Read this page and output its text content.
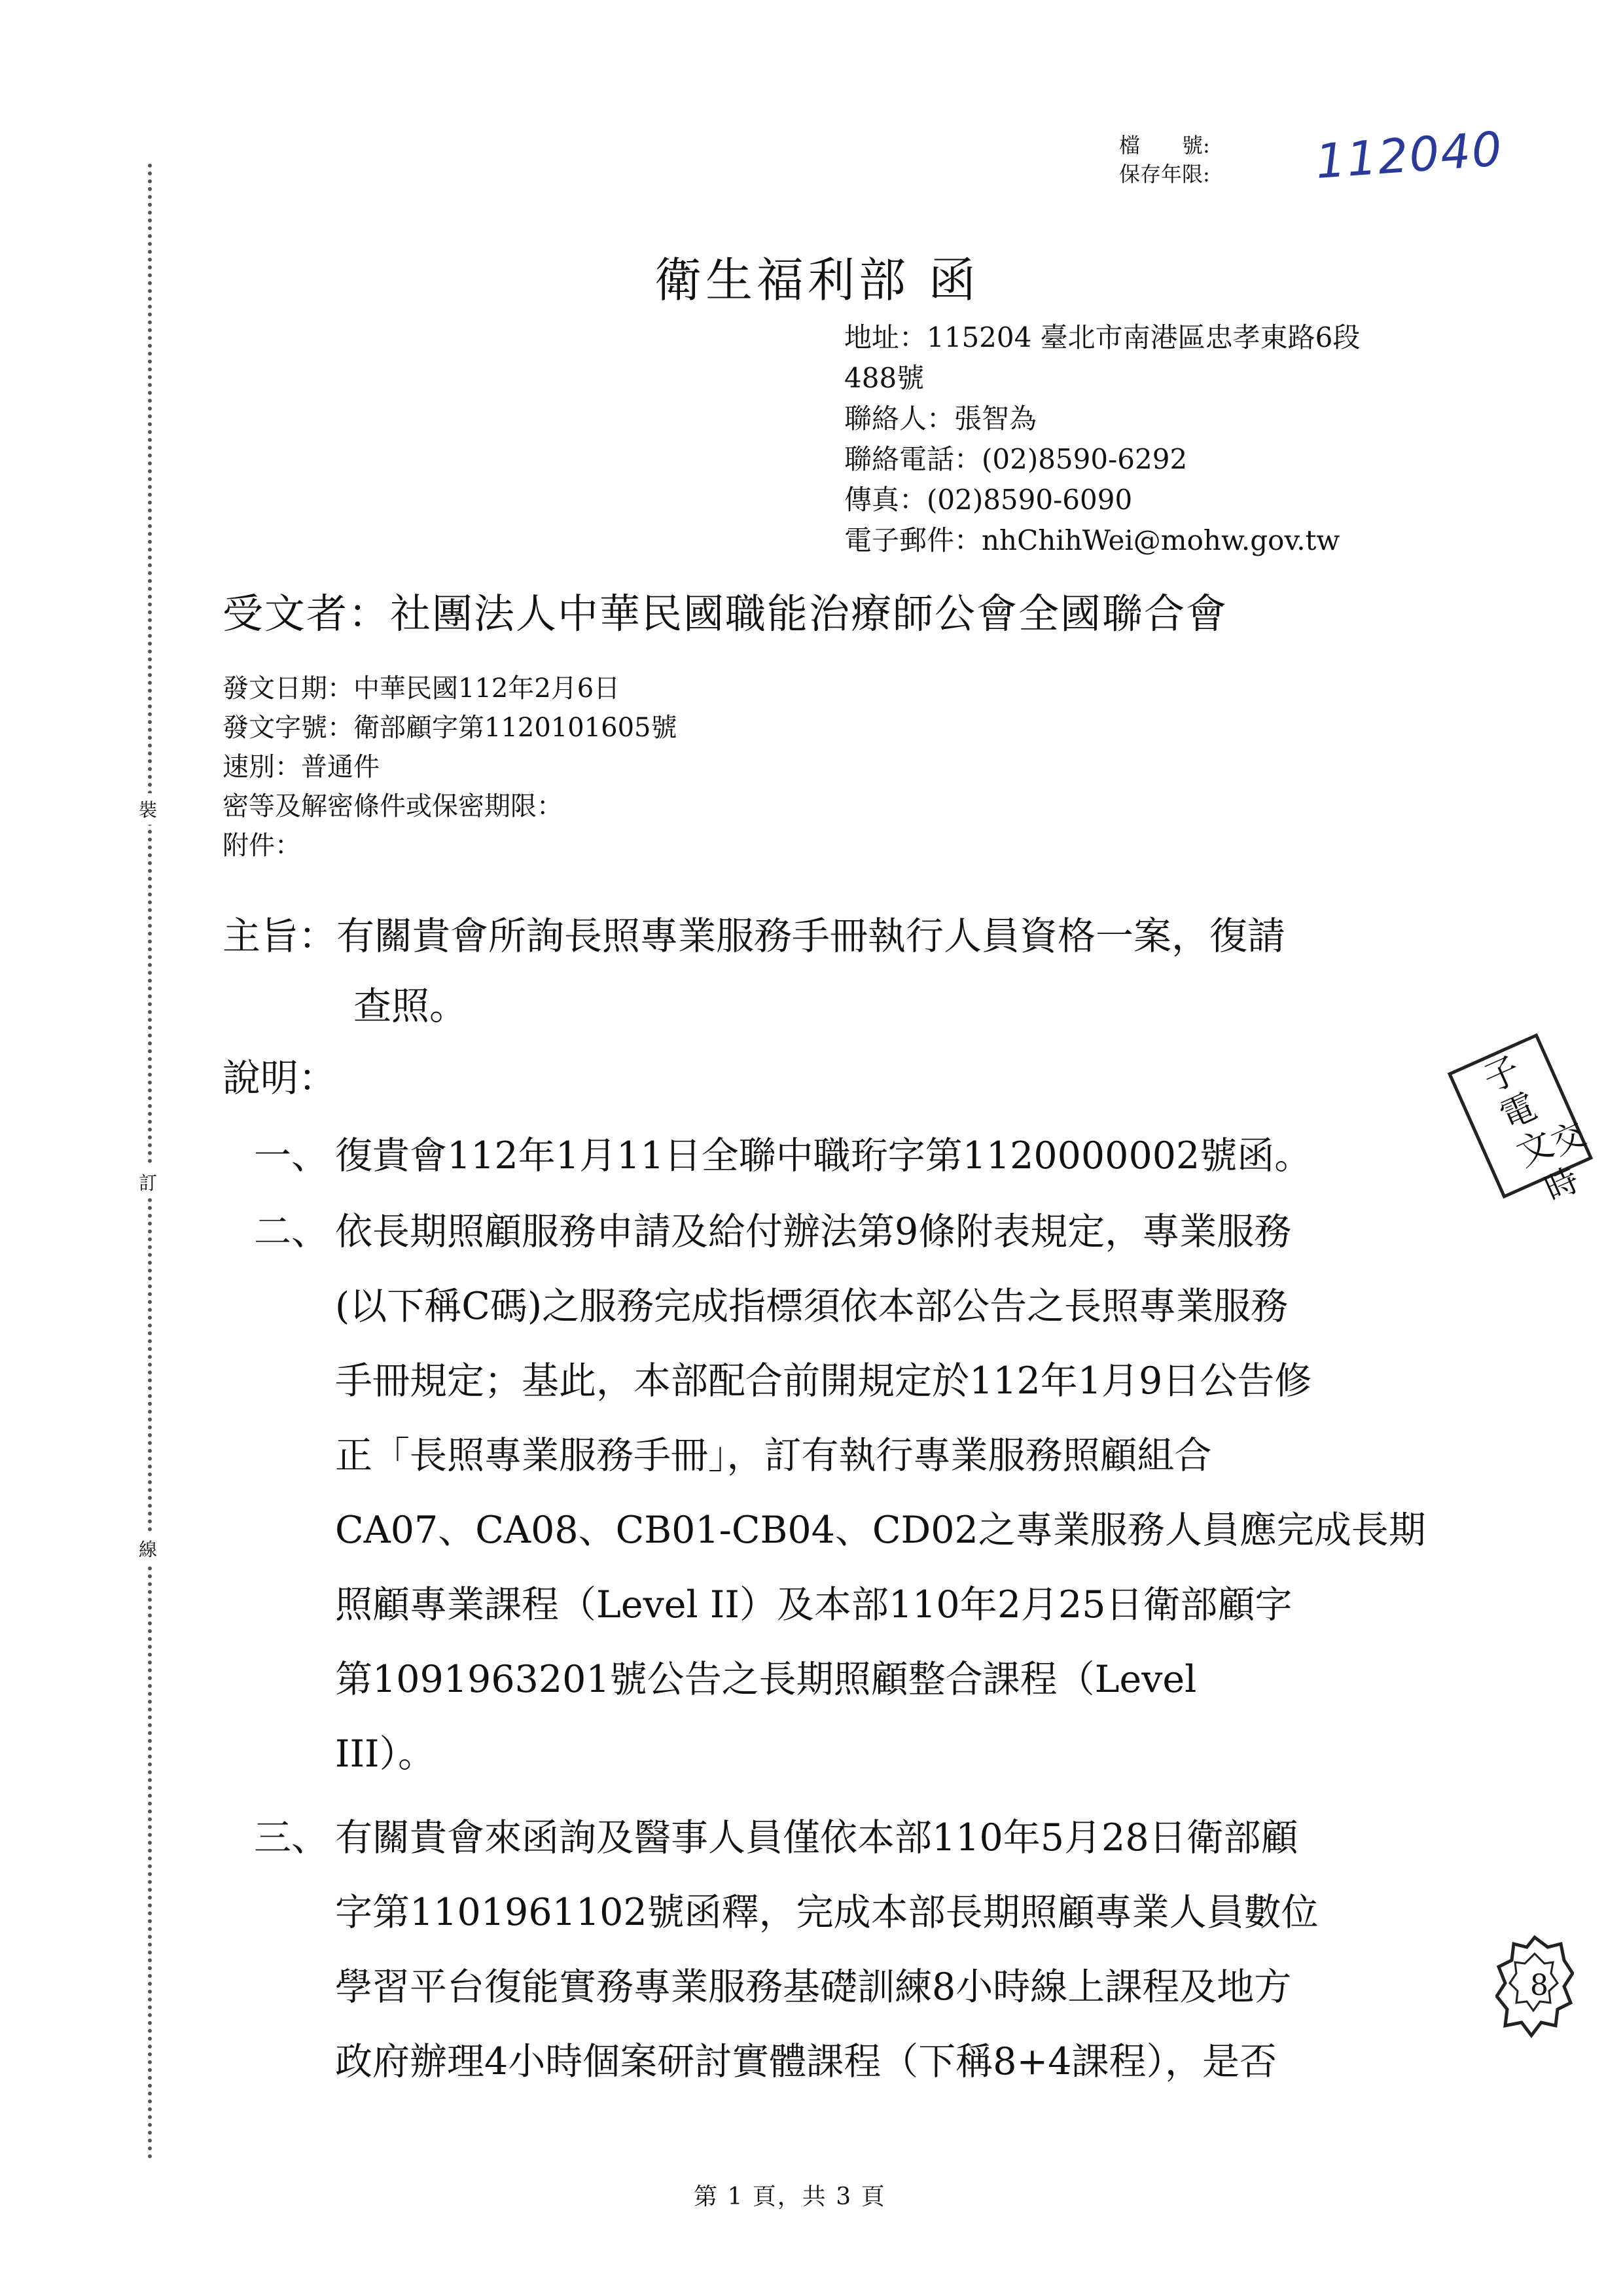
裝
訂
線
檔　　號:
保存年限: 112040
衛生福利部 函
地址：115204 臺北市南港區忠孝東路6段
488號
聯絡人：張智為
聯絡電話：(02)8590-6292
傳真：(02)8590-6090
電子郵件：nhChihWei@mohw.gov.tw
受文者：社團法人中華民國職能治療師公會全國聯合會
發文日期：中華民國112年2月6日
發文字號：衛部顧字第1120101605號
速別：普通件
密等及解密條件或保密期限：
附件：
主旨：有關貴會所詢長照專業服務手冊執行人員資格一案，復請
查照。
說明：
一、 復貴會112年1月11日全聯中職珩字第1120000002號函。
二、 依長期照顧服務申請及給付辦法第9條附表規定，專業服務
(以下稱C碼)之服務完成指標須依本部公告之長照專業服務
手冊規定；基此，本部配合前開規定於112年1月9日公告修
正「長照專業服務手冊」，訂有執行專業服務照顧組合
CA07、CA08、CB01-CB04、CD02之專業服務人員應完成長期
照顧專業課程（Level II）及本部110年2月25日衛部顧字
第1091963201號公告之長期照顧整合課程（Level
III）。
三、 有關貴會來函詢及醫事人員僅依本部110年5月28日衛部顧
字第1101961102號函釋，完成本部長期照顧專業人員數位
學習平台復能實務專業服務基礎訓練8小時線上課程及地方
政府辦理4小時個案研討實體課程（下稱8+4課程），是否
子
電
文
交
時
8
第 1 頁，共 3 頁
